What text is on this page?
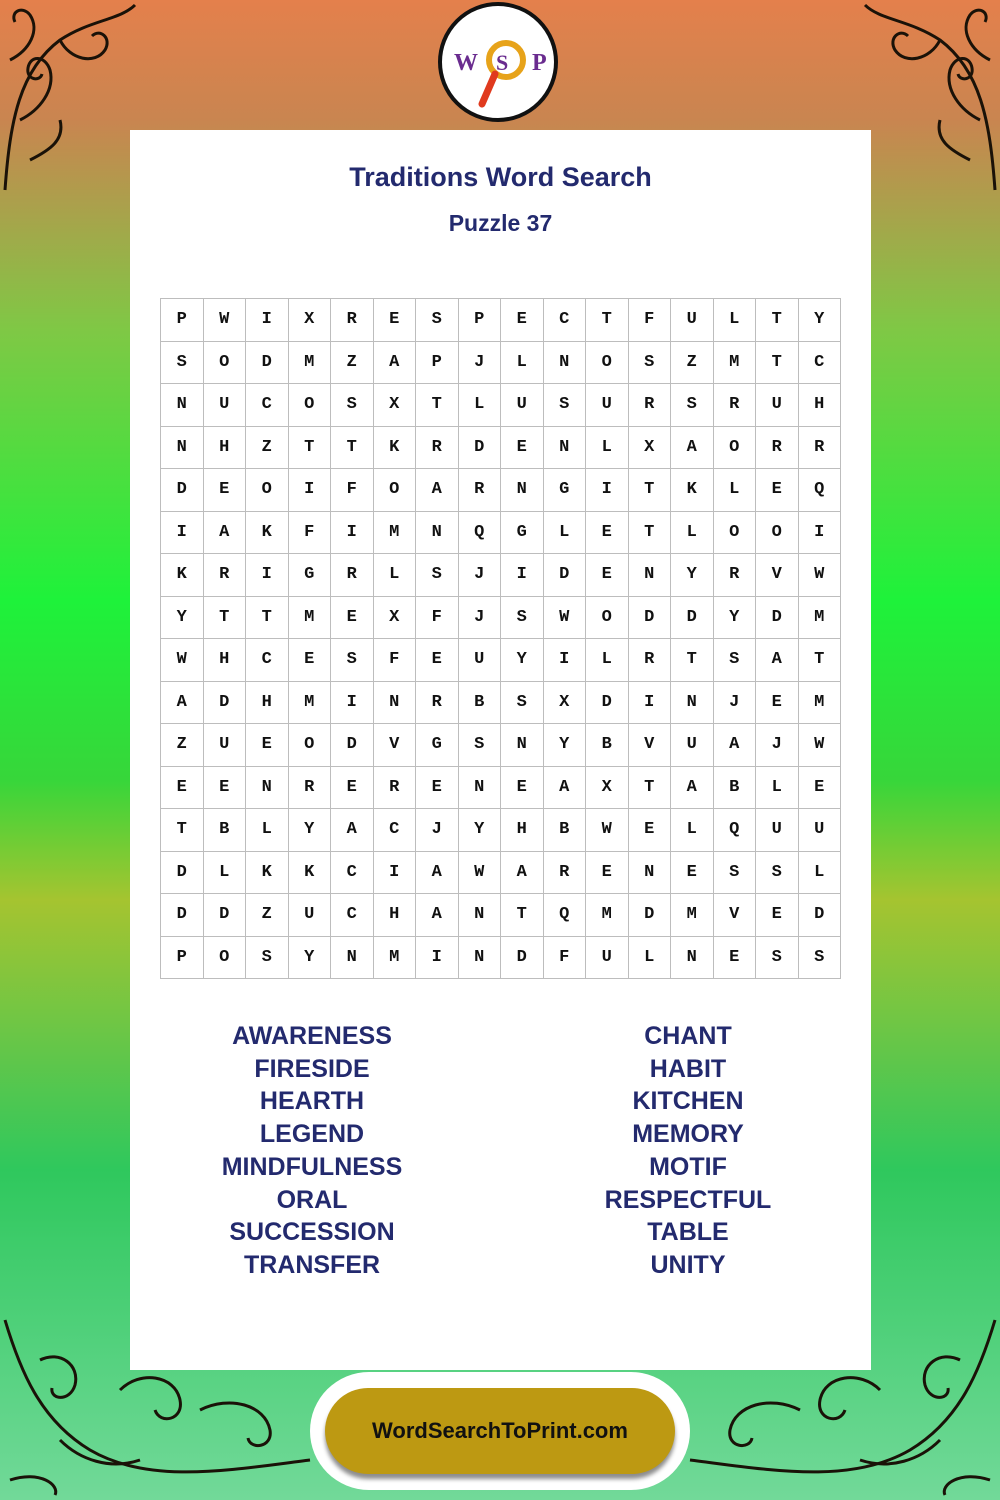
W S P
Traditions Word Search
Puzzle 37
P	W	I	X	R	E	S	P	E	C	T	F	U	L	T	Y
S	O	D	M	Z	A	P	J	L	N	O	S	Z	M	T	C
N	U	C	O	S	X	T	L	U	S	U	R	S	R	U	H
N	H	Z	T	T	K	R	D	E	N	L	X	A	O	R	R
D	E	O	I	F	O	A	R	N	G	I	T	K	L	E	Q
I	A	K	F	I	M	N	Q	G	L	E	T	L	O	O	I
K	R	I	G	R	L	S	J	I	D	E	N	Y	R	V	W
Y	T	T	M	E	X	F	J	S	W	O	D	D	Y	D	M
W	H	C	E	S	F	E	U	Y	I	L	R	T	S	A	T
A	D	H	M	I	N	R	B	S	X	D	I	N	J	E	M
Z	U	E	O	D	V	G	S	N	Y	B	V	U	A	J	W
E	E	N	R	E	R	E	N	E	A	X	T	A	B	L	E
T	B	L	Y	A	C	J	Y	H	B	W	E	L	Q	U	U
D	L	K	K	C	I	A	W	A	R	E	N	E	S	S	L
D	D	Z	U	C	H	A	N	T	Q	M	D	M	V	E	D
P	O	S	Y	N	M	I	N	D	F	U	L	N	E	S	S
AWARENESS
FIRESIDE
HEARTH
LEGEND
MINDFULNESS
ORAL
SUCCESSION
TRANSFER
CHANT
HABIT
KITCHEN
MEMORY
MOTIF
RESPECTFUL
TABLE
UNITY
WordSearchToPrint.com
